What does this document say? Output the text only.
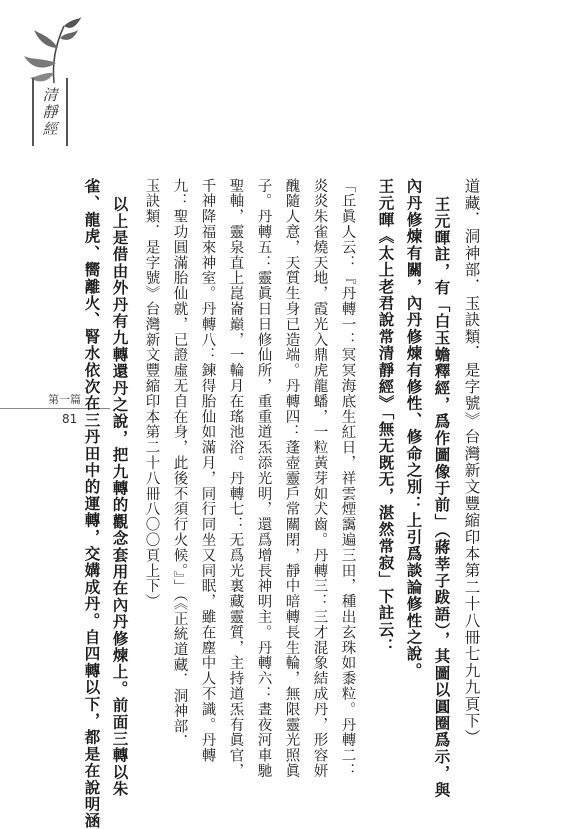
清靜經
第一篇
81	道藏．洞神部．玉訣類．是字號》台灣新文豐縮印本第二十八冊七九九頁下）
王元暉註，有「白玉蟾釋經，爲作圖像于前」（蔣莘子跋語），其圖以圓圈爲示，與
內丹修煉有關，內丹修煉有修性、修命之別：上引爲談論修性之說。
王元暉《太上老君說常清靜經》「無无既无，湛然常寂」下註云：
「丘眞人云：『丹轉一：冥冥海底生紅日，祥雲煙靄遍三田，種出玄珠如黍粒。丹轉二：
炎炎朱雀燒天地，霞光入鼎虎龍蟠，一粒黃芽如犬齒。丹轉三：三才混象結成丹，形容妍
醜隨人意，天質生身已造端。丹轉四：蓬壺靈戶常關閉，靜中暗轉長生輪，無限靈光照眞
子。丹轉五：靈眞日日修仙所，重重道炁添光明，還爲增長神明主。丹轉六：晝夜河車馳
聖軸，靈泉直上崑崙巔，一輪月在瑤池浴。丹轉七：无爲光裏藏靈質，主持道炁有眞官，
千神降福來神室。丹轉八：鍊得胎仙如滿月，同行同坐又同眠，雖在塵中人不識。丹轉
九：聖功圓滿胎仙就，已證虛无自在身，此後不須行火候。』」（《正統道藏．洞神部．
玉訣類．是字號》台灣新文豐縮印本第二十八冊八〇〇頁上下）
以上是借由外丹有九轉還丹之說，把九轉的觀念套用在內丹修煉上。前面三轉以朱
雀、龍虎、嚮離火、腎水依次在三丹田中的運轉，交媾成丹。自四轉以下，都是在說明涵
